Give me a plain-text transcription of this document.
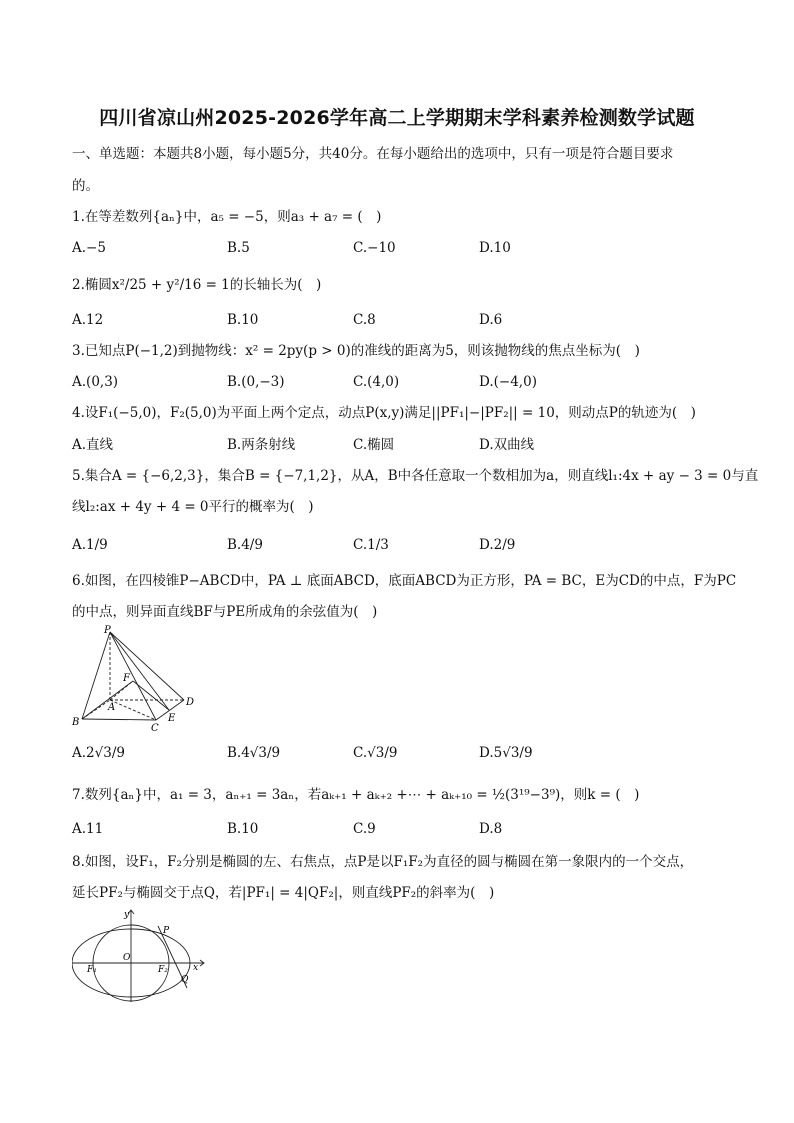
四川省凉山州2025-2026学年高二上学期期末学科素养检测数学试题
一、单选题：本题共8小题，每小题5分，共40分。在每小题给出的选项中，只有一项是符合题目要求
的。
1.在等差数列{aₙ}中，a₅ = −5，则a₃ + a₇ = (　)
A.−5	B.5	C.−10	D.10
2.椭圆x²/25 + y²/16 = 1的长轴长为(　)
A.12	B.10	C.8	D.6
3.已知点P(−1,2)到抛物线：x² = 2py(p > 0)的准线的距离为5，则该抛物线的焦点坐标为(　)
A.(0,3)	B.(0,−3)	C.(4,0)	D.(−4,0)
4.设F₁(−5,0)，F₂(5,0)为平面上两个定点，动点P(x,y)满足||PF₁|−|PF₂|| = 10，则动点P的轨迹为(　)
A.直线	B.两条射线	C.椭圆	D.双曲线
5.集合A = {−6,2,3}，集合B = {−7,1,2}，从A，B中各任意取一个数相加为a，则直线l₁:4x + ay − 3 = 0与直
线l₂:ax + 4y + 4 = 0平行的概率为(　)
A.1/9	B.4/9	C.1/3	D.2/9
6.如图，在四棱锥P−ABCD中，PA ⊥ 底面ABCD，底面ABCD为正方形，PA = BC，E为CD的中点，F为PC
的中点，则异面直线BF与PE所成角的余弦值为(　)
P
F
A	D
B
C
E
A.2√3/9	B.4√3/9	C.√3/9	D.5√3/9
7.数列{aₙ}中，a₁ = 3，aₙ₊₁ = 3aₙ，若aₖ₊₁ + aₖ₊₂ +⋯ + aₖ₊₁₀ = ½(3¹⁹−3⁹)，则k = (　)
A.11	B.10	C.9	D.8
8.如图，设F₁，F₂分别是椭圆的左、右焦点，点P是以F₁F₂为直径的圆与椭圆在第一象限内的一个交点，
延长PF₂与椭圆交于点Q，若|PF₁| = 4|QF₂|，则直线PF₂的斜率为(　)
y
P
O
F₁	F₂	x
Q
